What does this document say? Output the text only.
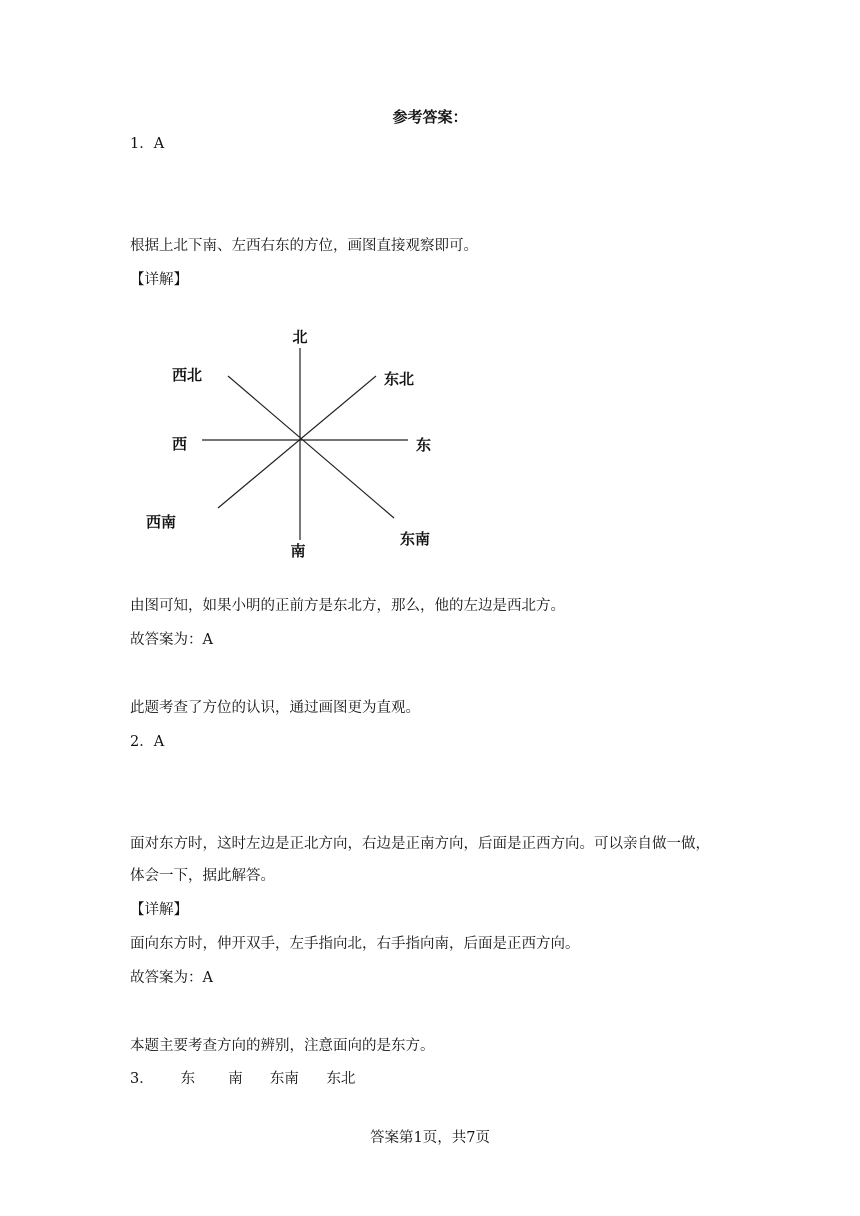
参考答案：
1．A
根据上北下南、左西右东的方位，画图直接观察即可。
【详解】
北
西北	东北
西	东
西南
东南
南
由图可知，如果小明的正前方是东北方，那么，他的左边是西北方。
故答案为：A
此题考查了方位的认识，通过画图更为直观。
2．A
面对东方时，这时左边是正北方向，右边是正南方向，后面是正西方向。可以亲自做一做，
体会一下，据此解答。
【详解】
面向东方时，伸开双手，左手指向北，右手指向南，后面是正西方向。
故答案为：A
本题主要考查方向的辨别，注意面向的是东方。
3． 东 南 东南 东北
答案第1页，共7页
